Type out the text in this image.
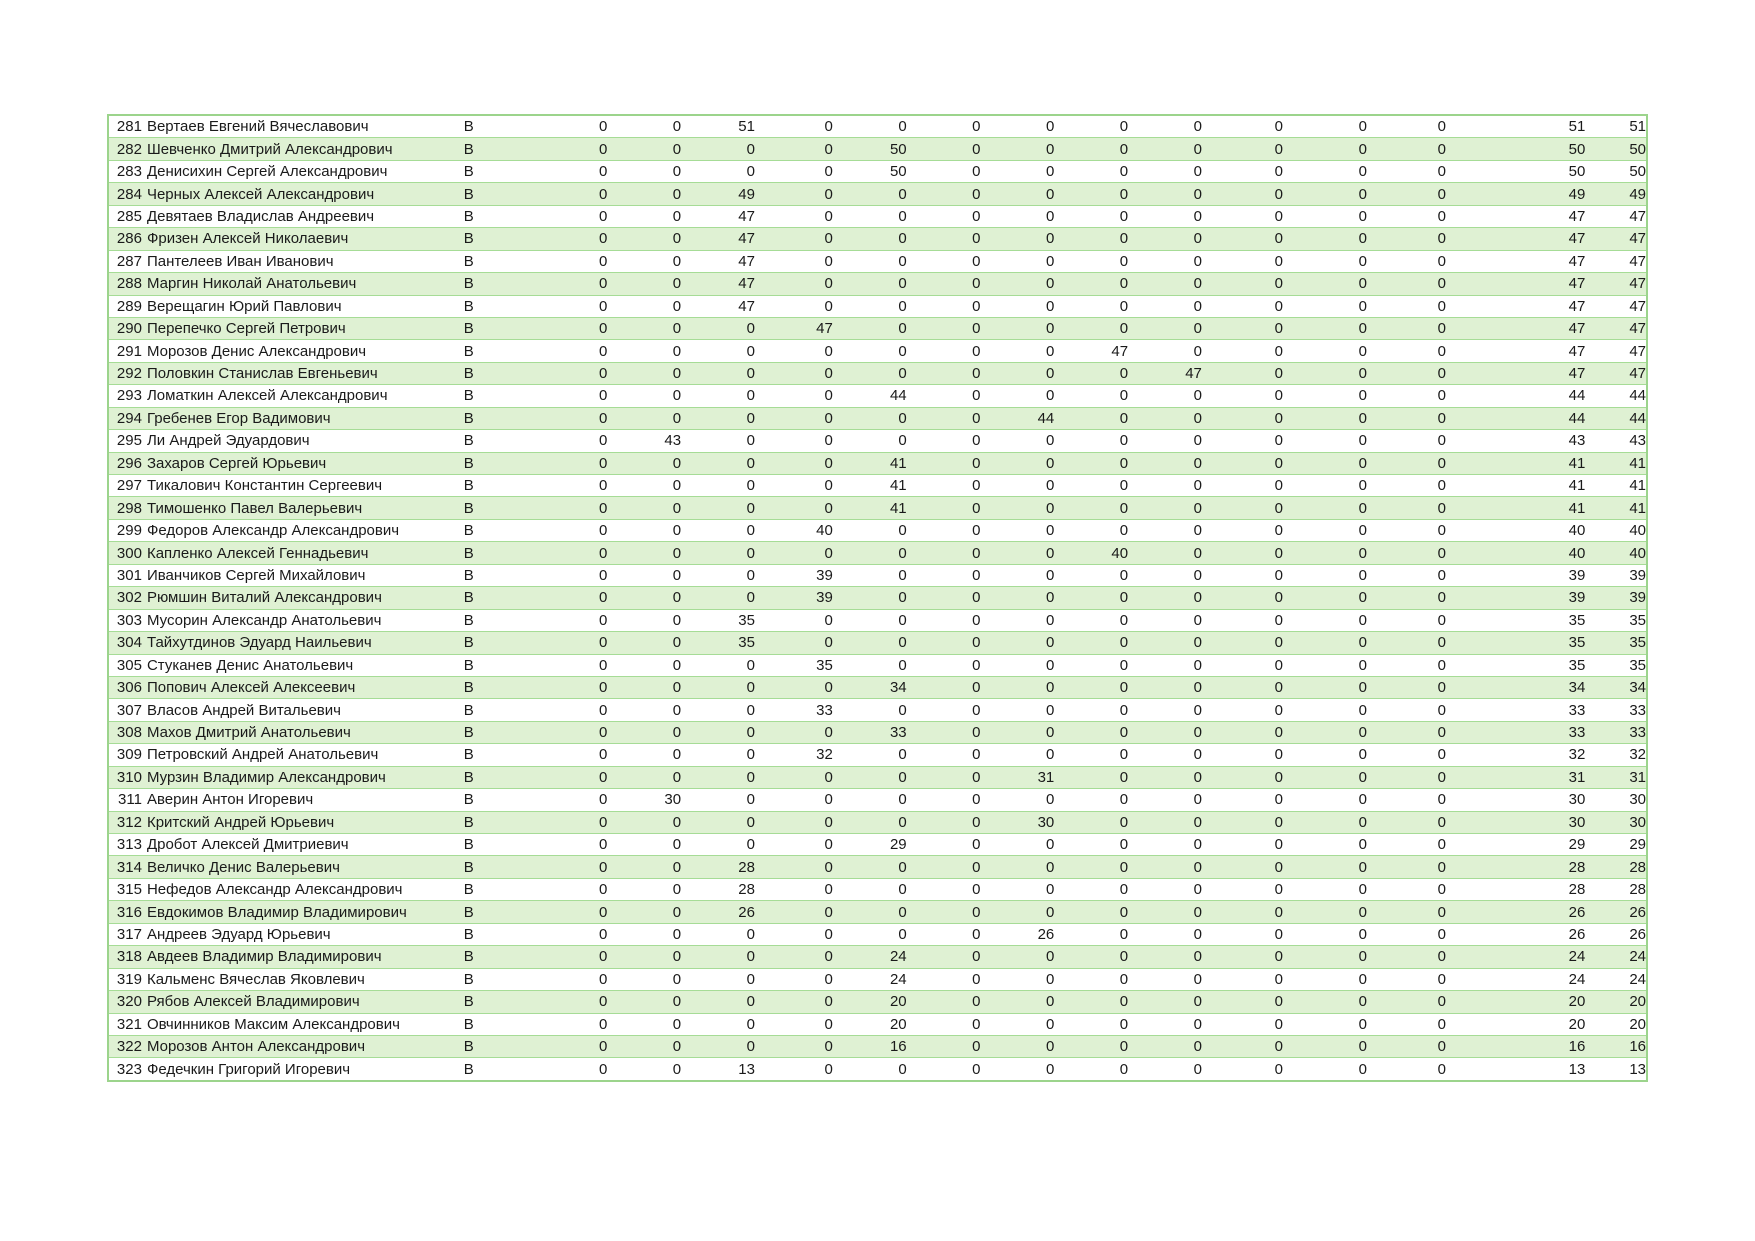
281	Вертаев Евгений Вячеславович	B	0	0	51	0	0	0	0	0	0	0	0	0	51	51
282	Шевченко Дмитрий Александрович	B	0	0	0	0	50	0	0	0	0	0	0	0	50	50
283	Денисихин Сергей Александрович	B	0	0	0	0	50	0	0	0	0	0	0	0	50	50
284	Черных Алексей Александрович	B	0	0	49	0	0	0	0	0	0	0	0	0	49	49
285	Девятаев Владислав Андреевич	B	0	0	47	0	0	0	0	0	0	0	0	0	47	47
286	Фризен Алексей Николаевич	B	0	0	47	0	0	0	0	0	0	0	0	0	47	47
287	Пантелеев Иван Иванович	B	0	0	47	0	0	0	0	0	0	0	0	0	47	47
288	Маргин Николай Анатольевич	B	0	0	47	0	0	0	0	0	0	0	0	0	47	47
289	Верещагин Юрий Павлович	B	0	0	47	0	0	0	0	0	0	0	0	0	47	47
290	Перепечко Сергей Петрович	B	0	0	0	47	0	0	0	0	0	0	0	0	47	47
291	Морозов Денис Александрович	B	0	0	0	0	0	0	0	47	0	0	0	0	47	47
292	Половкин Станислав Евгеньевич	B	0	0	0	0	0	0	0	0	47	0	0	0	47	47
293	Ломаткин Алексей Александрович	B	0	0	0	0	44	0	0	0	0	0	0	0	44	44
294	Гребенев Егор Вадимович	B	0	0	0	0	0	0	44	0	0	0	0	0	44	44
295	Ли Андрей Эдуардович	B	0	43	0	0	0	0	0	0	0	0	0	0	43	43
296	Захаров Сергей Юрьевич	B	0	0	0	0	41	0	0	0	0	0	0	0	41	41
297	Тикалович Константин Сергеевич	B	0	0	0	0	41	0	0	0	0	0	0	0	41	41
298	Тимошенко Павел Валерьевич	B	0	0	0	0	41	0	0	0	0	0	0	0	41	41
299	Федоров Александр Александрович	B	0	0	0	40	0	0	0	0	0	0	0	0	40	40
300	Капленко Алексей Геннадьевич	B	0	0	0	0	0	0	0	40	0	0	0	0	40	40
301	Иванчиков Сергей Михайлович	B	0	0	0	39	0	0	0	0	0	0	0	0	39	39
302	Рюмшин Виталий Александрович	B	0	0	0	39	0	0	0	0	0	0	0	0	39	39
303	Мусорин Александр Анатольевич	B	0	0	35	0	0	0	0	0	0	0	0	0	35	35
304	Тайхутдинов Эдуард Наильевич	B	0	0	35	0	0	0	0	0	0	0	0	0	35	35
305	Стуканев Денис Анатольевич	B	0	0	0	35	0	0	0	0	0	0	0	0	35	35
306	Попович Алексей Алексеевич	B	0	0	0	0	34	0	0	0	0	0	0	0	34	34
307	Власов Андрей Витальевич	B	0	0	0	33	0	0	0	0	0	0	0	0	33	33
308	Махов Дмитрий Анатольевич	B	0	0	0	0	33	0	0	0	0	0	0	0	33	33
309	Петровский Андрей Анатольевич	B	0	0	0	32	0	0	0	0	0	0	0	0	32	32
310	Мурзин Владимир Александрович	B	0	0	0	0	0	0	31	0	0	0	0	0	31	31
311	Аверин Антон Игоревич	B	0	30	0	0	0	0	0	0	0	0	0	0	30	30
312	Критский Андрей Юрьевич	B	0	0	0	0	0	0	30	0	0	0	0	0	30	30
313	Дробот Алексей Дмитриевич	B	0	0	0	0	29	0	0	0	0	0	0	0	29	29
314	Величко Денис Валерьевич	B	0	0	28	0	0	0	0	0	0	0	0	0	28	28
315	Нефедов Александр Александрович	B	0	0	28	0	0	0	0	0	0	0	0	0	28	28
316	Евдокимов Владимир Владимирович	B	0	0	26	0	0	0	0	0	0	0	0	0	26	26
317	Андреев Эдуард Юрьевич	B	0	0	0	0	0	0	26	0	0	0	0	0	26	26
318	Авдеев Владимир Владимирович	B	0	0	0	0	24	0	0	0	0	0	0	0	24	24
319	Кальменс Вячеслав Яковлевич	B	0	0	0	0	24	0	0	0	0	0	0	0	24	24
320	Рябов Алексей Владимирович	B	0	0	0	0	20	0	0	0	0	0	0	0	20	20
321	Овчинников Максим Александрович	B	0	0	0	0	20	0	0	0	0	0	0	0	20	20
322	Морозов Антон Александрович	B	0	0	0	0	16	0	0	0	0	0	0	0	16	16
323	Федечкин Григорий Игоревич	B	0	0	13	0	0	0	0	0	0	0	0	0	13	13
